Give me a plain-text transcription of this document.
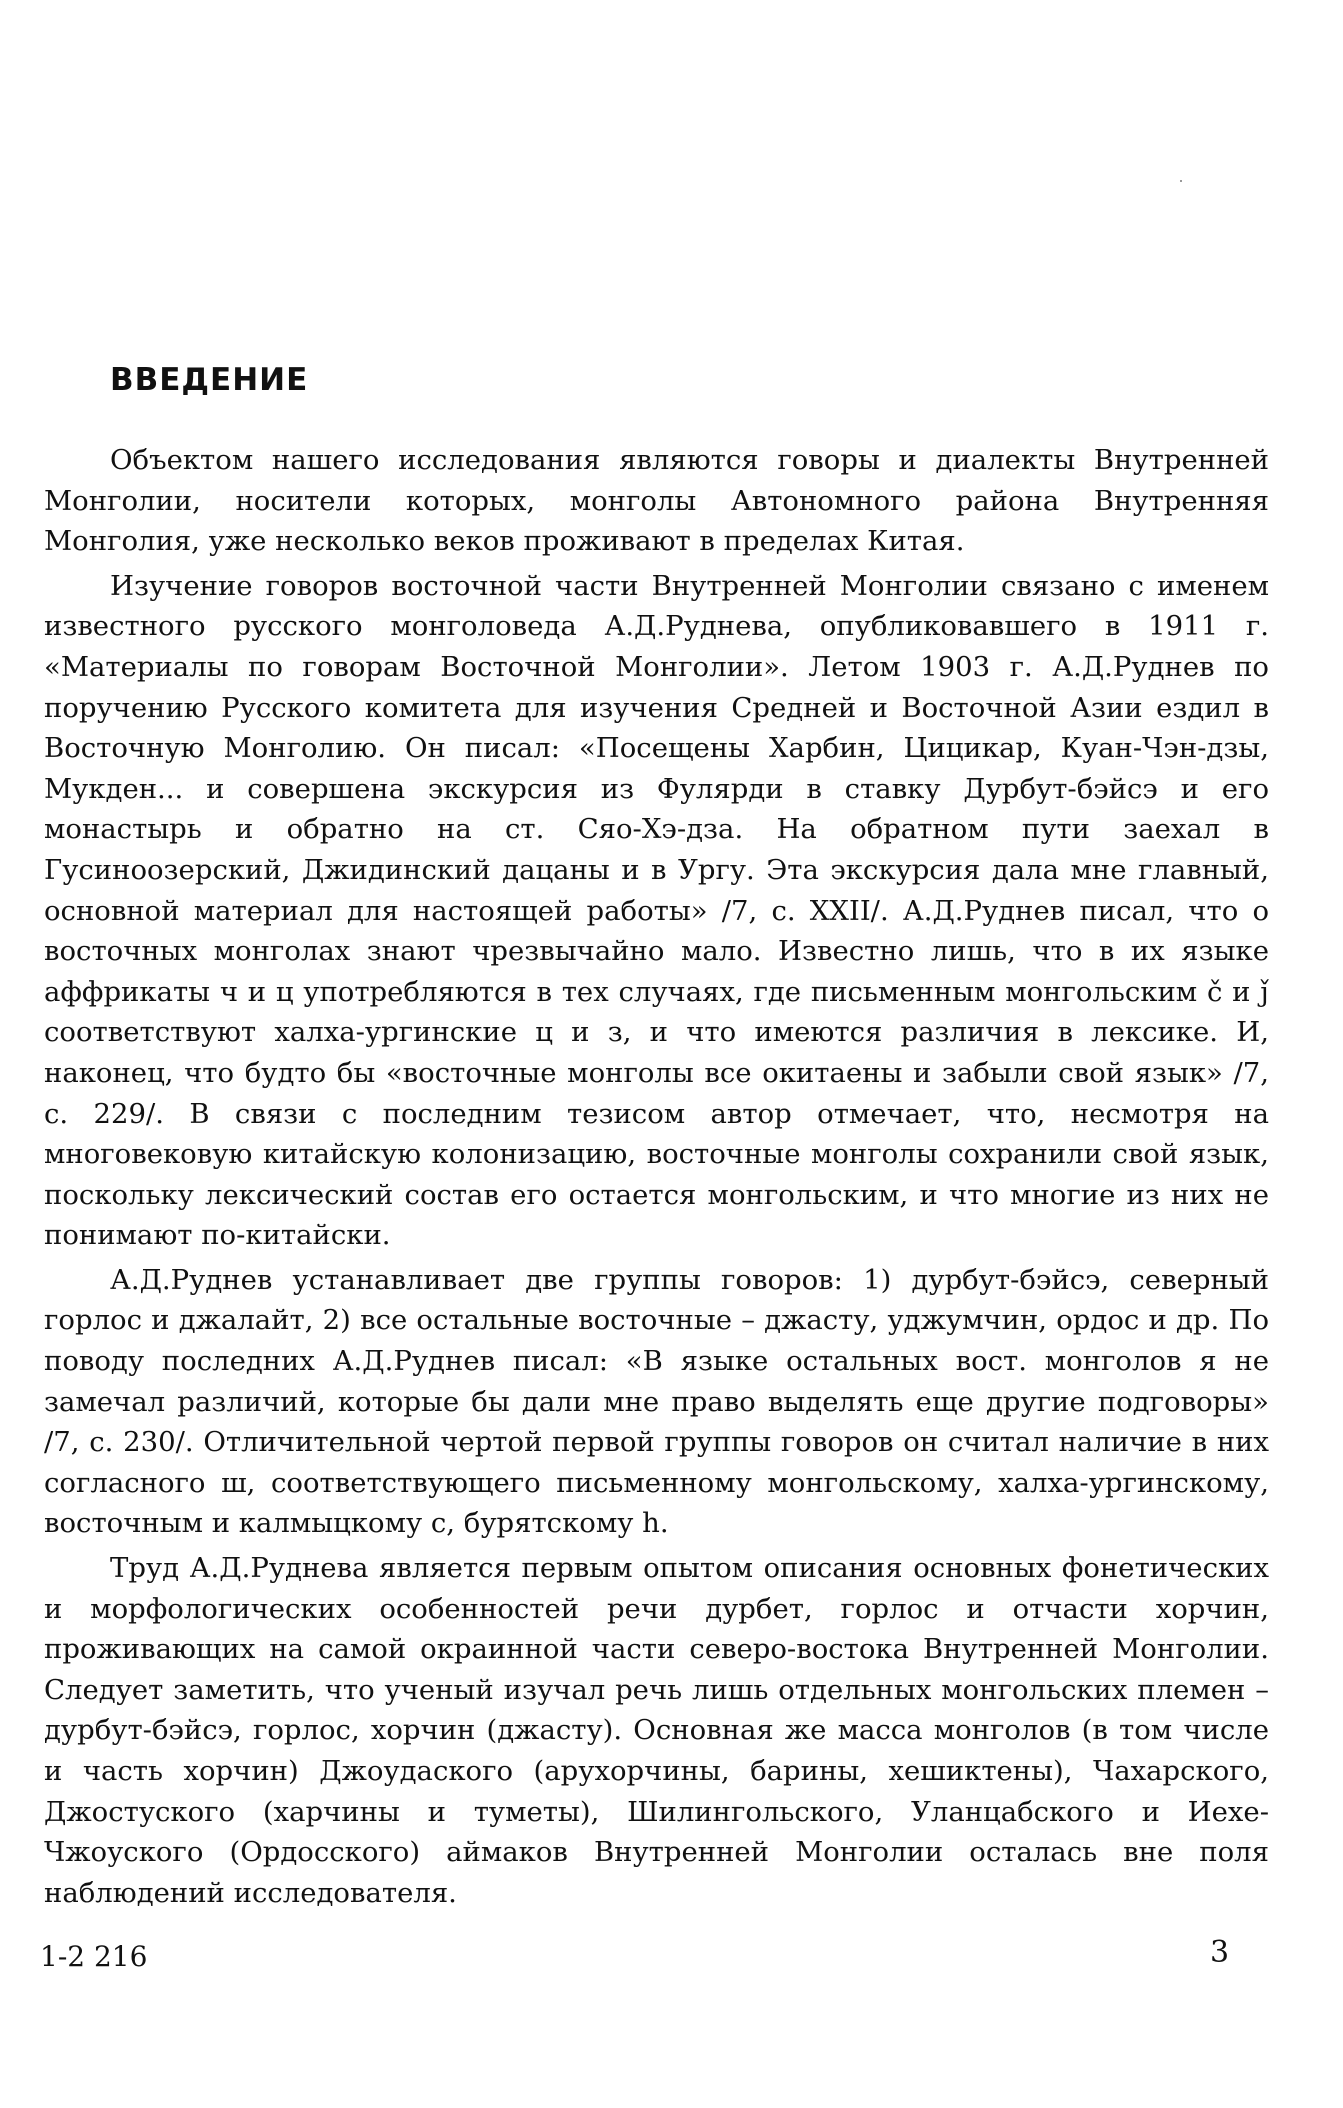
ВВЕДЕНИЕ

Объектом нашего исследования являются говоры и диалекты Внутренней Монголии, носители которых, монголы Автономного района Внутренняя Монголия, уже несколько веков проживают в пределах Китая.

Изучение говоров восточной части Внутренней Монголии связано с именем известного русского монголоведа А.Д.Руднева, опубликовавшего в 1911 г. «Материалы по говорам Восточной Монголии». Летом 1903 г. А.Д.Руднев по поручению Русского комитета для изучения Средней и Восточной Азии ездил в Восточную Монголию. Он писал: «Посещены Харбин, Цицикар, Куан-Чэн-дзы, Мукден... и совершена экскурсия из Фулярди в ставку Дурбут-бэйсэ и его монастырь и обратно на ст. Сяо-Хэ-дза. На обратном пути заехал в Гусиноозерский, Джидинский дацаны и в Ургу. Эта экскурсия дала мне главный, основной материал для настоящей работы» /7, с. XXII/. А.Д.Руднев писал, что о восточных монголах знают чрезвычайно мало. Известно лишь, что в их языке аффрикаты ч и ц употребляются в тех случаях, где письменным монгольским č и ǰ соответствуют халха-ургинские ц и з, и что имеются различия в лексике. И, наконец, что будто бы «восточные монголы все окитаены и забыли свой язык» /7, с. 229/. В связи с последним тезисом автор отмечает, что, несмотря на многовековую китайскую колонизацию, восточные монголы сохранили свой язык, поскольку лексический состав его остается монгольским, и что многие из них не понимают по-китайски.

А.Д.Руднев устанавливает две группы говоров: 1) дурбут-бэйсэ, северный горлос и джалайт, 2) все остальные восточные – джасту, уджумчин, ордос и др. По поводу последних А.Д.Руднев писал: «В языке остальных вост. монголов я не замечал различий, которые бы дали мне право выделять еще другие подговоры» /7, с. 230/. Отличительной чертой первой группы говоров он считал наличие в них согласного ш, соответствующего письменному монгольскому, халха-ургинскому, восточным и калмыцкому с, бурятскому h.

Труд А.Д.Руднева является первым опытом описания основных фонетических и морфологических особенностей речи дурбет, горлос и отчасти хорчин, проживающих на самой окраинной части северо-востока Внутренней Монголии. Следует заметить, что ученый изучал речь лишь отдельных монгольских племен – дурбут-бэйсэ, горлос, хорчин (джасту). Основная же масса монголов (в том числе и часть хорчин) Джоудаского (арухорчины, барины, хешиктены), Чахарского, Джостуского (харчины и туметы), Шилингольского, Уланцабского и Иехе-Чжоуского (Ордосского) аймаков Внутренней Монголии осталась вне поля наблюдений исследователя.

1-2 216	3
